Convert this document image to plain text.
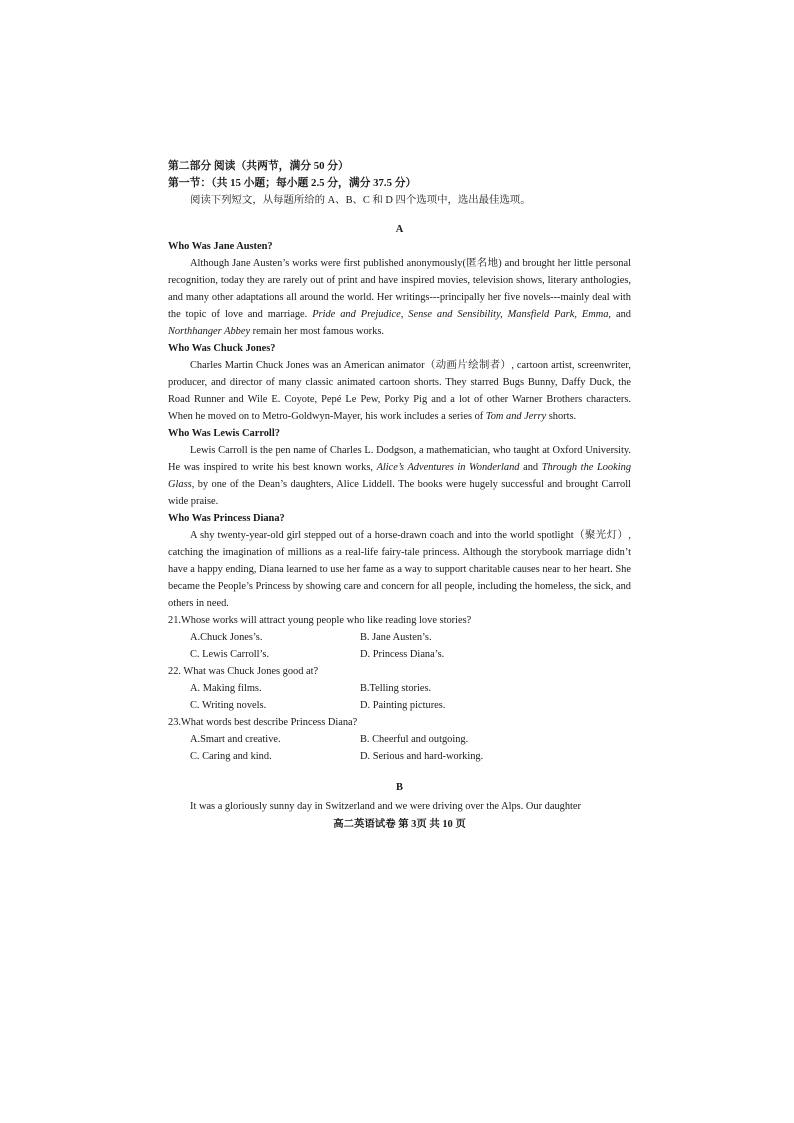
第二部分 阅读（共两节，满分 50 分）

第一节：（共 15 小题；每小题 2.5 分，满分 37.5 分）

阅读下列短文，从每题所给的 A、B、C 和 D 四个选项中，选出最佳选项。

A

Who Was Jane Austen?

Although Jane Austen’s works were first published anonymously(匿名地) and brought her little personal recognition, today they are rarely out of print and have inspired movies, television shows, literary anthologies, and many other adaptations all around the world. Her writings---principally her five novels---mainly deal with the topic of love and marriage. Pride and Prejudice, Sense and Sensibility, Mansfield Park, Emma, and Northhanger Abbey remain her most famous works.

Who Was Chuck Jones?

Charles Martin Chuck Jones was an American animator（动画片绘制者）, cartoon artist, screenwriter, producer, and director of many classic animated cartoon shorts. They starred Bugs Bunny, Daffy Duck, the Road Runner and Wile E. Coyote, Pepé Le Pew, Porky Pig and a lot of other Warner Brothers characters. When he moved on to Metro-Goldwyn-Mayer, his work includes a series of Tom and Jerry shorts.

Who Was Lewis Carroll?

Lewis Carroll is the pen name of Charles L. Dodgson, a mathematician, who taught at Oxford University. He was inspired to write his best known works, Alice’s Adventures in Wonderland and Through the Looking Glass, by one of the Dean’s daughters, Alice Liddell. The books were hugely successful and brought Carroll wide praise.

Who Was Princess Diana?

A shy twenty-year-old girl stepped out of a horse-drawn coach and into the world spotlight（聚光灯）, catching the imagination of millions as a real-life fairy-tale princess. Although the storybook marriage didn’t have a happy ending, Diana learned to use her fame as a way to support charitable causes near to her heart. She became the People’s Princess by showing care and concern for all people, including the homeless, the sick, and others in need.

21.Whose works will attract young people who like reading love stories?

A.Chuck Jones’s.	B. Jane Austen’s.

C. Lewis Carroll’s.	D. Princess Diana’s.

22. What was Chuck Jones good at?

A. Making films.	B.Telling stories.

C. Writing novels.	D. Painting pictures.

23.What words best describe Princess Diana?

A.Smart and creative.	B. Cheerful and outgoing.

C. Caring and kind.	D. Serious and hard-working.

B

It was a gloriously sunny day in Switzerland and we were driving over the Alps. Our daughter

高二英语试卷 第 3页 共 10 页
